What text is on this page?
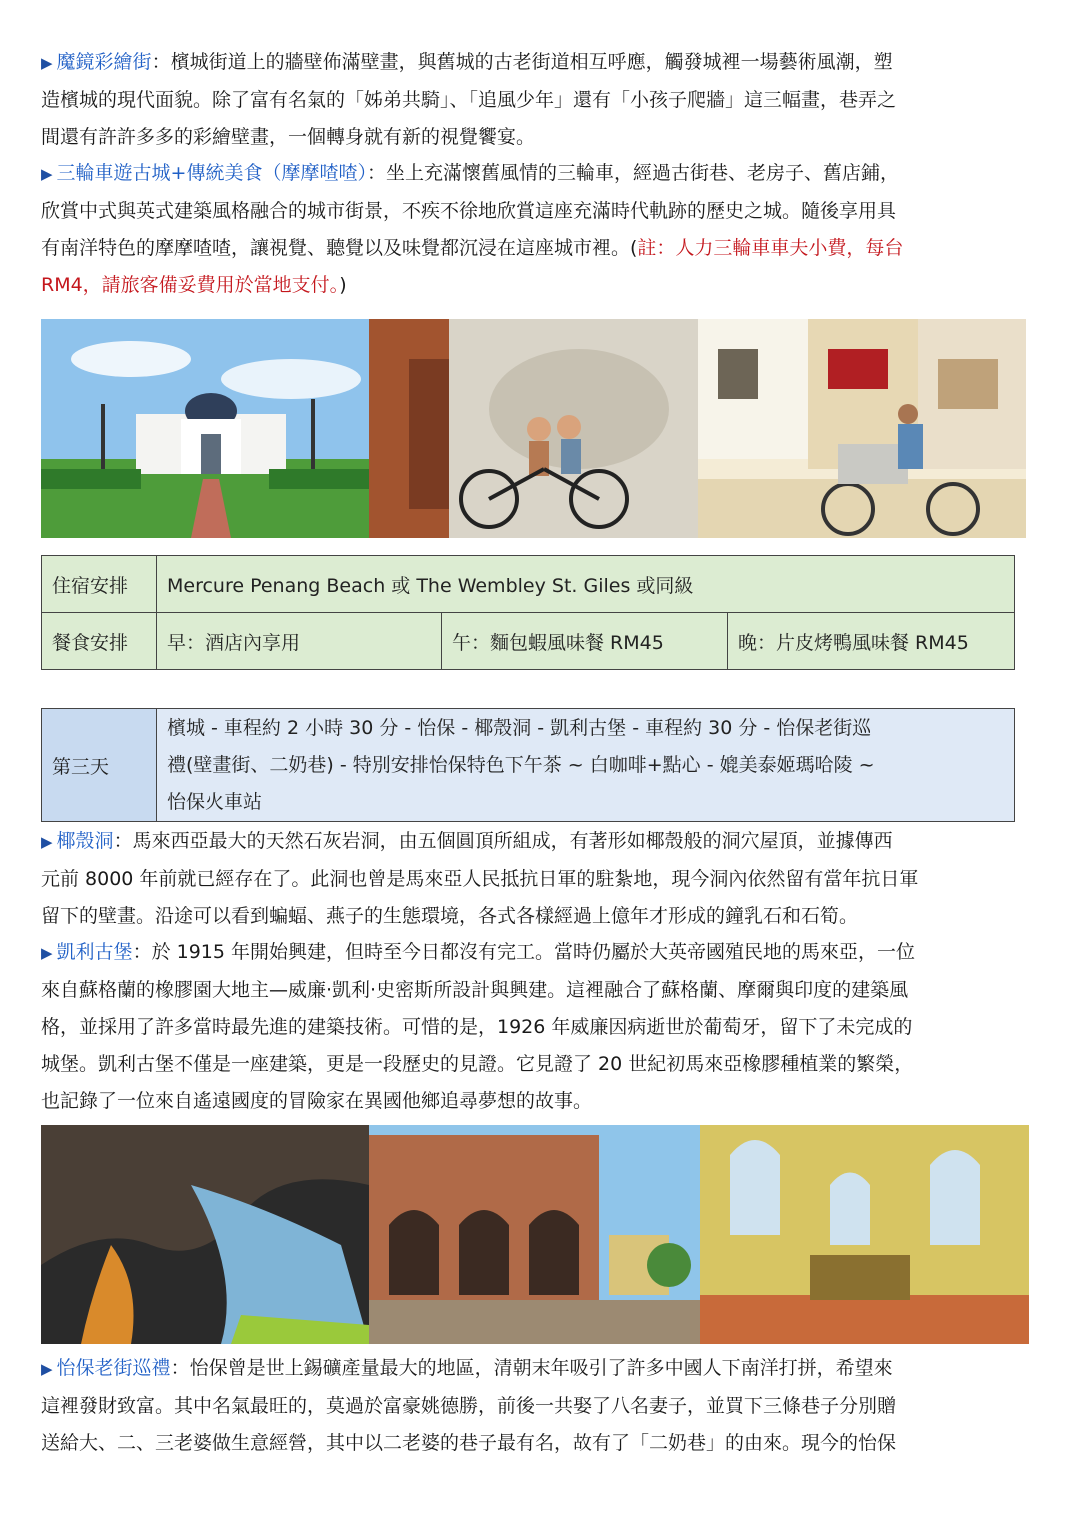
▶ 魔鏡彩繪街：檳城街道上的牆壁佈滿壁畫，與舊城的古老街道相互呼應，觸發城裡一場藝術風潮，塑
造檳城的現代面貌。除了富有名氣的「姊弟共騎」、「追風少年」還有「小孩子爬牆」這三幅畫，巷弄之
間還有許許多多的彩繪壁畫，一個轉身就有新的視覺饗宴。

▶ 三輪車遊古城+傳統美食（摩摩喳喳）：坐上充滿懷舊風情的三輪車，經過古街巷、老房子、舊店鋪，
欣賞中式與英式建築風格融合的城市街景，不疾不徐地欣賞這座充滿時代軌跡的歷史之城。隨後享用具
有南洋特色的摩摩喳喳，讓視覺、聽覺以及味覺都沉浸在這座城市裡。(註：人力三輪車車夫小費，每台
RM4，請旅客備妥費用於當地支付。)

住宿安排	Mercure Penang Beach 或 The Wembley St. Giles 或同級		
餐食安排	早：酒店內享用	午：麵包蝦風味餐 RM45	晚：片皮烤鴨風味餐 RM45
第三天	檳城 - 車程約 2 小時 30 分 - 怡保 - 椰殼洞 - 凱利古堡 - 車程約 30 分 - 怡保老街巡
禮(壁畫街、二奶巷) - 特別安排怡保特色下午茶 ~ 白咖啡+點心 - 媲美泰姬瑪哈陵 ~
怡保火車站

▶ 椰殼洞：馬來西亞最大的天然石灰岩洞，由五個圓頂所組成，有著形如椰殼般的洞穴屋頂，並據傳西
元前 8000 年前就已經存在了。此洞也曾是馬來亞人民抵抗日軍的駐紮地，現今洞內依然留有當年抗日軍
留下的壁畫。沿途可以看到蝙蝠、燕子的生態環境，各式各樣經過上億年才形成的鐘乳石和石筍。

▶ 凱利古堡：於 1915 年開始興建，但時至今日都沒有完工。當時仍屬於大英帝國殖民地的馬來亞，一位
來自蘇格蘭的橡膠園大地主—威廉·凱利·史密斯所設計與興建。這裡融合了蘇格蘭、摩爾與印度的建築風
格，並採用了許多當時最先進的建築技術。可惜的是，1926 年威廉因病逝世於葡萄牙，留下了未完成的
城堡。凱利古堡不僅是一座建築，更是一段歷史的見證。它見證了 20 世紀初馬來亞橡膠種植業的繁榮，
也記錄了一位來自遙遠國度的冒險家在異國他鄉追尋夢想的故事。

▶ 怡保老街巡禮：怡保曾是世上錫礦產量最大的地區，清朝末年吸引了許多中國人下南洋打拼，希望來
這裡發財致富。其中名氣最旺的，莫過於富豪姚德勝，前後一共娶了八名妻子，並買下三條巷子分別贈
送給大、二、三老婆做生意經營，其中以二老婆的巷子最有名，故有了「二奶巷」的由來。現今的怡保
